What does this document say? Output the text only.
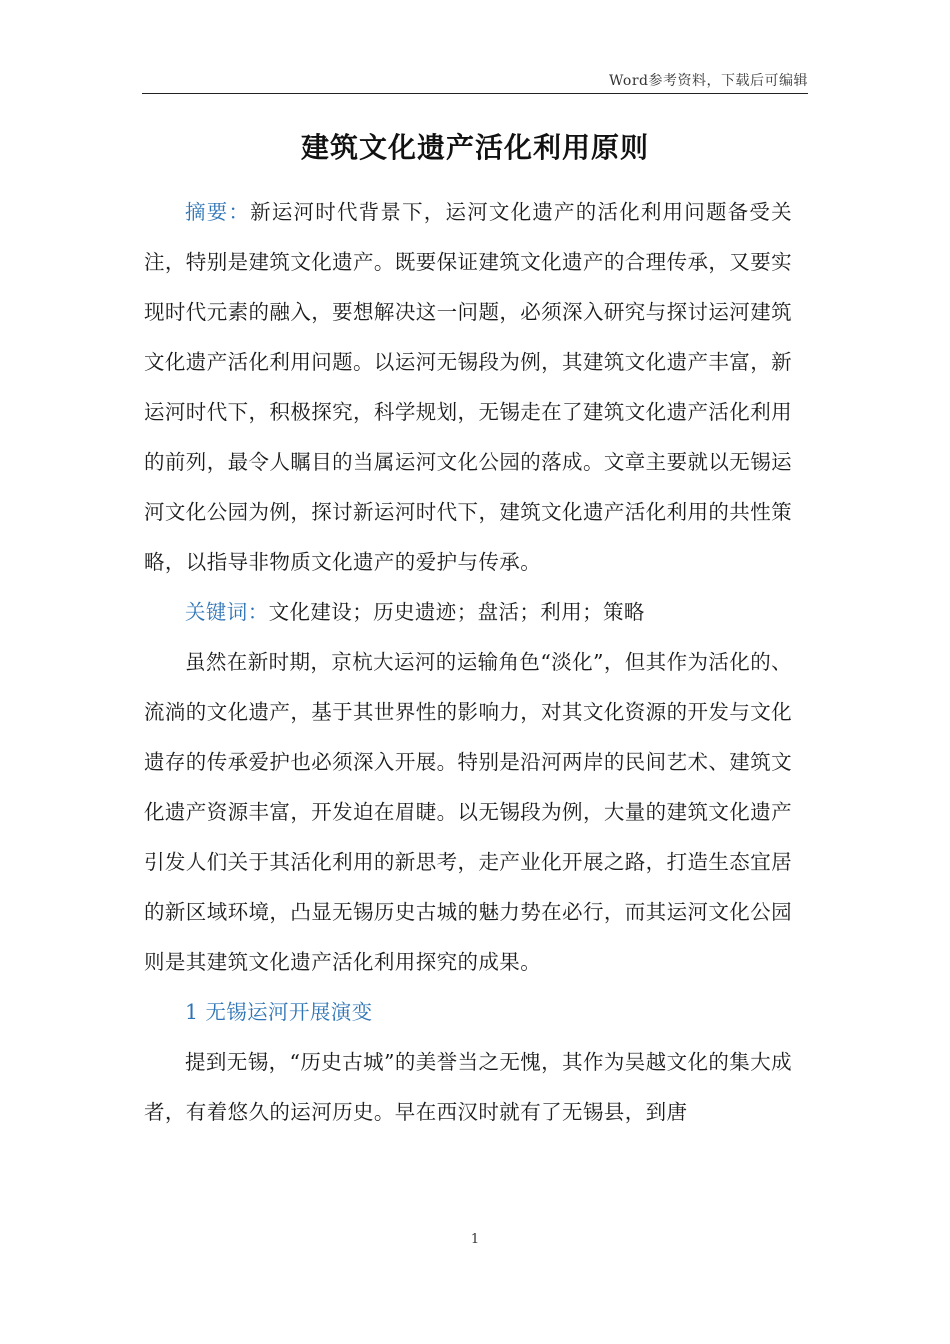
Word参考资料，下载后可编辑
建筑文化遗产活化利用原则

摘要：新运河时代背景下，运河文化遗产的活化利用问题备受关注，特别是建筑文化遗产。既要保证建筑文化遗产的合理传承，又要实现时代元素的融入，要想解决这一问题，必须深入研究与探讨运河建筑文化遗产活化利用问题。以运河无锡段为例，其建筑文化遗产丰富，新运河时代下，积极探究，科学规划，无锡走在了建筑文化遗产活化利用的前列，最令人瞩目的当属运河文化公园的落成。文章主要就以无锡运河文化公园为例，探讨新运河时代下，建筑文化遗产活化利用的共性策略，以指导非物质文化遗产的爱护与传承。

关键词：文化建设；历史遗迹；盘活；利用；策略

虽然在新时期，京杭大运河的运输角色“淡化”，但其作为活化的、流淌的文化遗产，基于其世界性的影响力，对其文化资源的开发与文化遗存的传承爱护也必须深入开展。特别是沿河两岸的民间艺术、建筑文化遗产资源丰富，开发迫在眉睫。以无锡段为例，大量的建筑文化遗产引发人们关于其活化利用的新思考，走产业化开展之路，打造生态宜居的新区域环境，凸显无锡历史古城的魅力势在必行，而其运河文化公园则是其建筑文化遗产活化利用探究的成果。

1 无锡运河开展演变

提到无锡，“历史古城”的美誉当之无愧，其作为吴越文化的集大成者，有着悠久的运河历史。早在西汉时就有了无锡县，到唐

1
